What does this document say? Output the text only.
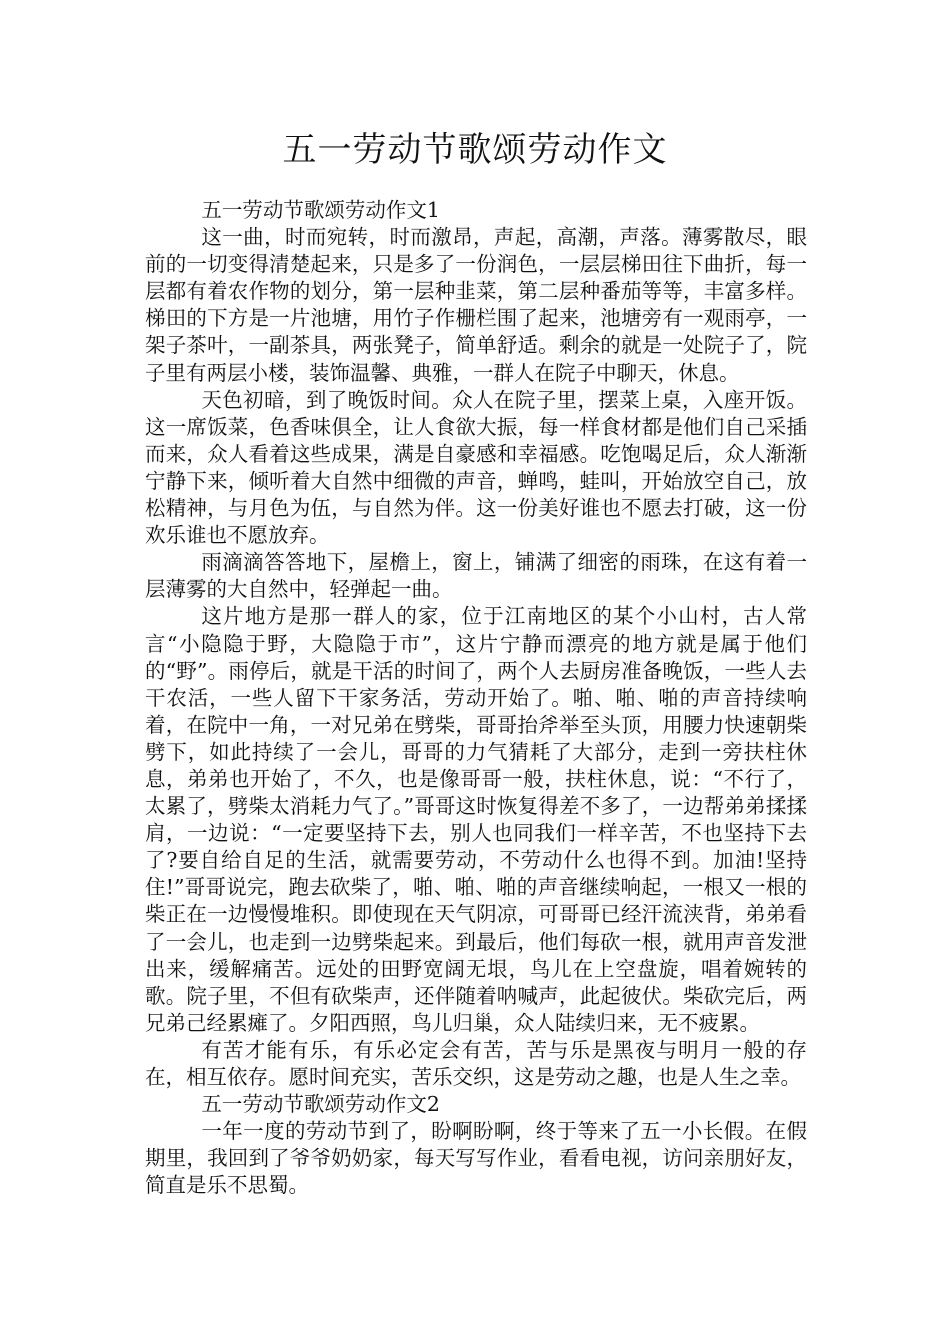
五一劳动节歌颂劳动作文

五一劳动节歌颂劳动作文1

这一曲，时而宛转，时而激昂，声起，高潮，声落。薄雾散尽，眼前的一切变得清楚起来，只是多了一份润色，一层层梯田往下曲折，每一层都有着农作物的划分，第一层种韭菜，第二层种番茄等等，丰富多样。梯田的下方是一片池塘，用竹子作栅栏围了起来，池塘旁有一观雨亭，一架子茶叶，一副茶具，两张凳子，简单舒适。剩余的就是一处院子了，院子里有两层小楼，装饰温馨、典雅，一群人在院子中聊天，休息。

天色初暗，到了晚饭时间。众人在院子里，摆菜上桌，入座开饭。这一席饭菜，色香味俱全，让人食欲大振，每一样食材都是他们自己采插而来，众人看着这些成果，满是自豪感和幸福感。吃饱喝足后，众人渐渐宁静下来，倾听着大自然中细微的声音，蝉鸣，蛙叫，开始放空自己，放松精神，与月色为伍，与自然为伴。这一份美好谁也不愿去打破，这一份欢乐谁也不愿放弃。

雨滴滴答答地下，屋檐上，窗上，铺满了细密的雨珠，在这有着一层薄雾的大自然中，轻弹起一曲。

这片地方是那一群人的家，位于江南地区的某个小山村，古人常言“小隐隐于野，大隐隐于市”，这片宁静而漂亮的地方就是属于他们的“野”。雨停后，就是干活的时间了，两个人去厨房准备晚饭，一些人去干农活，一些人留下干家务活，劳动开始了。啪、啪、啪的声音持续响着，在院中一角，一对兄弟在劈柴，哥哥抬斧举至头顶，用腰力快速朝柴劈下，如此持续了一会儿，哥哥的力气猜耗了大部分，走到一旁扶柱休息，弟弟也开始了，不久，也是像哥哥一般，扶柱休息，说：“不行了，太累了，劈柴太消耗力气了。”哥哥这时恢复得差不多了，一边帮弟弟揉揉肩，一边说：“一定要坚持下去，别人也同我们一样辛苦，不也坚持下去了?要自给自足的生活，就需要劳动，不劳动什么也得不到。加油!坚持住!”哥哥说完，跑去砍柴了，啪、啪、啪的声音继续响起，一根又一根的柴正在一边慢慢堆积。即使现在天气阴凉，可哥哥已经汗流浃背，弟弟看了一会儿，也走到一边劈柴起来。到最后，他们每砍一根，就用声音发泄出来，缓解痛苦。远处的田野宽阔无垠，鸟儿在上空盘旋，唱着婉转的歌。院子里，不但有砍柴声，还伴随着呐喊声，此起彼伏。柴砍完后，两兄弟己经累瘫了。夕阳西照，鸟儿归巢，众人陆续归来，无不疲累。

有苦才能有乐，有乐必定会有苦，苦与乐是黑夜与明月一般的存在，相互依存。愿时间充实，苦乐交织，这是劳动之趣，也是人生之幸。

五一劳动节歌颂劳动作文2

一年一度的劳动节到了，盼啊盼啊，终于等来了五一小长假。在假期里，我回到了爷爷奶奶家，每天写写作业，看看电视，访问亲朋好友，简直是乐不思蜀。
